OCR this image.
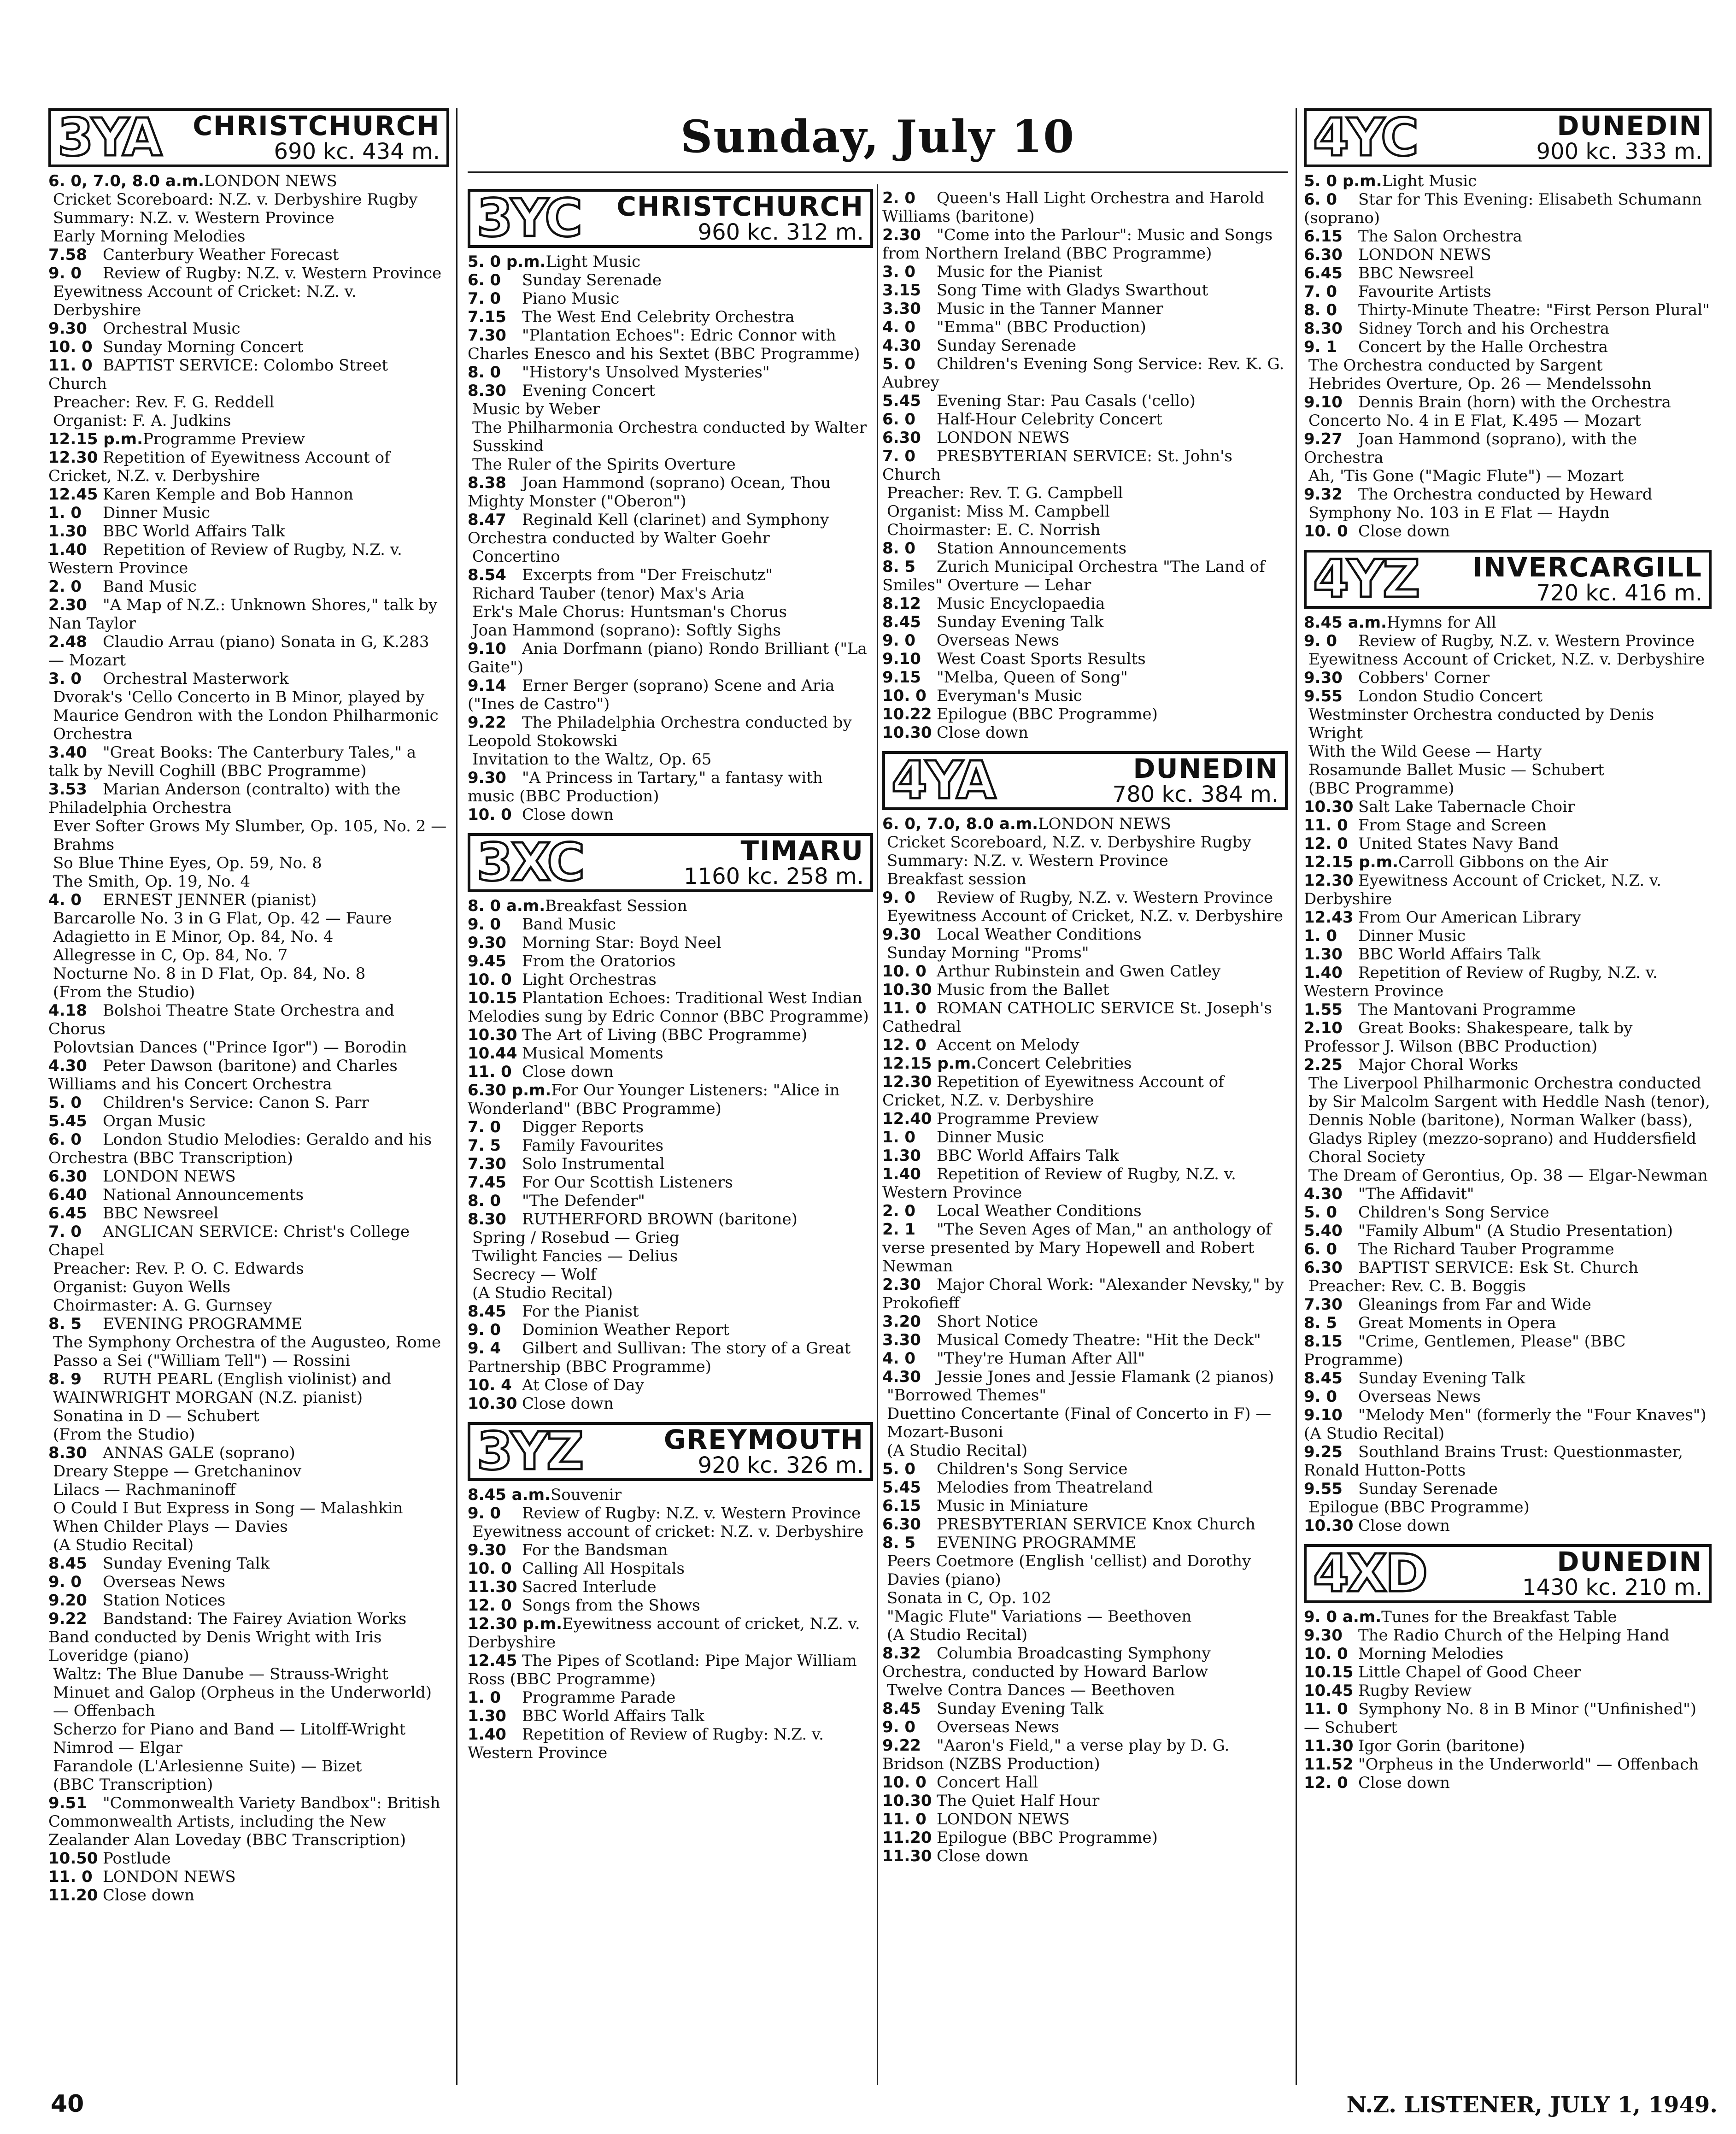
Sunday, July 10
3YA	CHRISTCHURCH
690 kc. 434 m.

6. 0, 7.0, 8.0 a.m.LONDON NEWS

Cricket Scoreboard: N.Z. v. Derbyshire Rugby Summary: N.Z. v. Western Province

Early Morning Melodies

7.58 Canterbury Weather Forecast

9. 0 Review of Rugby: N.Z. v. Western Province

Eyewitness Account of Cricket: N.Z. v. Derbyshire

9.30 Orchestral Music

10. 0 Sunday Morning Concert

11. 0 BAPTIST SERVICE: Colombo Street Church

Preacher: Rev. F. G. Reddell

Organist: F. A. Judkins

12.15 p.m.Programme Preview

12.30 Repetition of Eyewitness Account of Cricket, N.Z. v. Derbyshire

12.45 Karen Kemple and Bob Hannon

1. 0 Dinner Music

1.30 BBC World Affairs Talk

1.40 Repetition of Review of Rugby, N.Z. v. Western Province

2. 0 Band Music

2.30 "A Map of N.Z.: Unknown Shores," talk by Nan Taylor

2.48 Claudio Arrau (piano) Sonata in G, K.283 — Mozart

3. 0 Orchestral Masterwork

Dvorak's 'Cello Concerto in B Minor, played by Maurice Gendron with the London Philharmonic Orchestra

3.40 "Great Books: The Canterbury Tales," a talk by Nevill Coghill (BBC Programme)

3.53 Marian Anderson (contralto) with the Philadelphia Orchestra

Ever Softer Grows My Slumber, Op. 105, No. 2 — Brahms

So Blue Thine Eyes, Op. 59, No. 8

The Smith, Op. 19, No. 4

4. 0 ERNEST JENNER (pianist)

Barcarolle No. 3 in G Flat, Op. 42 — Faure

Adagietto in E Minor, Op. 84, No. 4

Allegresse in C, Op. 84, No. 7

Nocturne No. 8 in D Flat, Op. 84, No. 8

(From the Studio)

4.18 Bolshoi Theatre State Orchestra and Chorus

Polovtsian Dances ("Prince Igor") — Borodin

4.30 Peter Dawson (baritone) and Charles Williams and his Concert Orchestra

5. 0 Children's Service: Canon S. Parr

5.45 Organ Music

6. 0 London Studio Melodies: Geraldo and his Orchestra (BBC Transcription)

6.30 LONDON NEWS

6.40 National Announcements

6.45 BBC Newsreel

7. 0 ANGLICAN SERVICE: Christ's College Chapel

Preacher: Rev. P. O. C. Edwards

Organist: Guyon Wells

Choirmaster: A. G. Gurnsey

8. 5 EVENING PROGRAMME

The Symphony Orchestra of the Augusteo, Rome

Passo a Sei ("William Tell") — Rossini

8. 9 RUTH PEARL (English violinist) and

WAINWRIGHT MORGAN (N.Z. pianist)

Sonatina in D — Schubert

(From the Studio)

8.30 ANNAS GALE (soprano)

Dreary Steppe — Gretchaninov

Lilacs — Rachmaninoff

O Could I But Express in Song — Malashkin

When Childer Plays — Davies

(A Studio Recital)

8.45 Sunday Evening Talk

9. 0 Overseas News

9.20 Station Notices

9.22 Bandstand: The Fairey Aviation Works Band conducted by Denis Wright with Iris Loveridge (piano)

Waltz: The Blue Danube — Strauss-Wright

Minuet and Galop (Orpheus in the Underworld) — Offenbach

Scherzo for Piano and Band — Litolff-Wright

Nimrod — Elgar

Farandole (L'Arlesienne Suite) — Bizet

(BBC Transcription)

9.51 "Commonwealth Variety Bandbox": British Commonwealth Artists, including the New Zealander Alan Loveday (BBC Transcription)

10.50 Postlude

11. 0 LONDON NEWS

11.20 Close down

3YC	CHRISTCHURCH
960 kc. 312 m.

5. 0 p.m.Light Music

6. 0 Sunday Serenade

7. 0 Piano Music

7.15 The West End Celebrity Orchestra

7.30 "Plantation Echoes": Edric Connor with Charles Enesco and his Sextet (BBC Programme)

8. 0 "History's Unsolved Mysteries"

8.30 Evening Concert

Music by Weber

The Philharmonia Orchestra conducted by Walter Susskind

The Ruler of the Spirits Overture

8.38 Joan Hammond (soprano) Ocean, Thou Mighty Monster ("Oberon")

8.47 Reginald Kell (clarinet) and Symphony Orchestra conducted by Walter Goehr

Concertino

8.54 Excerpts from "Der Freischutz"

Richard Tauber (tenor) Max's Aria

Erk's Male Chorus: Huntsman's Chorus

Joan Hammond (soprano): Softly Sighs

9.10 Ania Dorfmann (piano) Rondo Brilliant ("La Gaite")

9.14 Erner Berger (soprano) Scene and Aria ("Ines de Castro")

9.22 The Philadelphia Orchestra conducted by Leopold Stokowski

Invitation to the Waltz, Op. 65

9.30 "A Princess in Tartary," a fantasy with music (BBC Production)

10. 0 Close down

3XC	TIMARU
1160 kc. 258 m.

8. 0 a.m.Breakfast Session

9. 0 Band Music

9.30 Morning Star: Boyd Neel

9.45 From the Oratorios

10. 0 Light Orchestras

10.15 Plantation Echoes: Traditional West Indian Melodies sung by Edric Connor (BBC Programme)

10.30 The Art of Living (BBC Programme)

10.44 Musical Moments

11. 0 Close down

6.30 p.m.For Our Younger Listeners: "Alice in Wonderland" (BBC Programme)

7. 0 Digger Reports

7. 5 Family Favourites

7.30 Solo Instrumental

7.45 For Our Scottish Listeners

8. 0 "The Defender"

8.30 RUTHERFORD BROWN (baritone)

Spring / Rosebud — Grieg

Twilight Fancies — Delius

Secrecy — Wolf

(A Studio Recital)

8.45 For the Pianist

9. 0 Dominion Weather Report

9. 4 Gilbert and Sullivan: The story of a Great Partnership (BBC Programme)

10. 4 At Close of Day

10.30 Close down

3YZ	GREYMOUTH
920 kc. 326 m.

8.45 a.m.Souvenir

9. 0 Review of Rugby: N.Z. v. Western Province

Eyewitness account of cricket: N.Z. v. Derbyshire

9.30 For the Bandsman

10. 0 Calling All Hospitals

11.30 Sacred Interlude

12. 0 Songs from the Shows

12.30 p.m.Eyewitness account of cricket, N.Z. v. Derbyshire

12.45 The Pipes of Scotland: Pipe Major William Ross (BBC Programme)

1. 0 Programme Parade

1.30 BBC World Affairs Talk

1.40 Repetition of Review of Rugby: N.Z. v. Western Province

2. 0 Queen's Hall Light Orchestra and Harold Williams (baritone)

2.30 "Come into the Parlour": Music and Songs from Northern Ireland (BBC Programme)

3. 0 Music for the Pianist

3.15 Song Time with Gladys Swarthout

3.30 Music in the Tanner Manner

4. 0 "Emma" (BBC Production)

4.30 Sunday Serenade

5. 0 Children's Evening Song Service: Rev. K. G. Aubrey

5.45 Evening Star: Pau Casals ('cello)

6. 0 Half-Hour Celebrity Concert

6.30 LONDON NEWS

7. 0 PRESBYTERIAN SERVICE: St. John's Church

Preacher: Rev. T. G. Campbell

Organist: Miss M. Campbell

Choirmaster: E. C. Norrish

8. 0 Station Announcements

8. 5 Zurich Municipal Orchestra "The Land of Smiles" Overture — Lehar

8.12 Music Encyclopaedia

8.45 Sunday Evening Talk

9. 0 Overseas News

9.10 West Coast Sports Results

9.15 "Melba, Queen of Song"

10. 0 Everyman's Music

10.22 Epilogue (BBC Programme)

10.30 Close down

4YA	DUNEDIN
780 kc. 384 m.

6. 0, 7.0, 8.0 a.m.LONDON NEWS

Cricket Scoreboard, N.Z. v. Derbyshire Rugby Summary: N.Z. v. Western Province

Breakfast session

9. 0 Review of Rugby, N.Z. v. Western Province

Eyewitness Account of Cricket, N.Z. v. Derbyshire

9.30 Local Weather Conditions

Sunday Morning "Proms"

10. 0 Arthur Rubinstein and Gwen Catley

10.30 Music from the Ballet

11. 0 ROMAN CATHOLIC SERVICE St. Joseph's Cathedral

12. 0 Accent on Melody

12.15 p.m.Concert Celebrities

12.30 Repetition of Eyewitness Account of Cricket, N.Z. v. Derbyshire

12.40 Programme Preview

1. 0 Dinner Music

1.30 BBC World Affairs Talk

1.40 Repetition of Review of Rugby, N.Z. v. Western Province

2. 0 Local Weather Conditions

2. 1 "The Seven Ages of Man," an anthology of verse presented by Mary Hopewell and Robert Newman

2.30 Major Choral Work: "Alexander Nevsky," by Prokofieff

3.20 Short Notice

3.30 Musical Comedy Theatre: "Hit the Deck"

4. 0 "They're Human After All"

4.30 Jessie Jones and Jessie Flamank (2 pianos)

"Borrowed Themes"

Duettino Concertante (Final of Concerto in F) — Mozart-Busoni

(A Studio Recital)

5. 0 Children's Song Service

5.45 Melodies from Theatreland

6.15 Music in Miniature

6.30 PRESBYTERIAN SERVICE Knox Church

8. 5 EVENING PROGRAMME

Peers Coetmore (English 'cellist) and Dorothy Davies (piano)

Sonata in C, Op. 102

"Magic Flute" Variations — Beethoven

(A Studio Recital)

8.32 Columbia Broadcasting Symphony Orchestra, conducted by Howard Barlow

Twelve Contra Dances — Beethoven

8.45 Sunday Evening Talk

9. 0 Overseas News

9.22 "Aaron's Field," a verse play by D. G. Bridson (NZBS Production)

10. 0 Concert Hall

10.30 The Quiet Half Hour

11. 0 LONDON NEWS

11.20 Epilogue (BBC Programme)

11.30 Close down

4YC	DUNEDIN
900 kc. 333 m.

5. 0 p.m.Light Music

6. 0 Star for This Evening: Elisabeth Schumann (soprano)

6.15 The Salon Orchestra

6.30 LONDON NEWS

6.45 BBC Newsreel

7. 0 Favourite Artists

8. 0 Thirty-Minute Theatre: "First Person Plural"

8.30 Sidney Torch and his Orchestra

9. 1 Concert by the Halle Orchestra

The Orchestra conducted by Sargent

Hebrides Overture, Op. 26 — Mendelssohn

9.10 Dennis Brain (horn) with the Orchestra

Concerto No. 4 in E Flat, K.495 — Mozart

9.27 Joan Hammond (soprano), with the Orchestra

Ah, 'Tis Gone ("Magic Flute") — Mozart

9.32 The Orchestra conducted by Heward

Symphony No. 103 in E Flat — Haydn

10. 0 Close down

4YZ	INVERCARGILL
720 kc. 416 m.

8.45 a.m.Hymns for All

9. 0 Review of Rugby, N.Z. v. Western Province

Eyewitness Account of Cricket, N.Z. v. Derbyshire

9.30 Cobbers' Corner

9.55 London Studio Concert

Westminster Orchestra conducted by Denis Wright

With the Wild Geese — Harty

Rosamunde Ballet Music — Schubert

(BBC Programme)

10.30 Salt Lake Tabernacle Choir

11. 0 From Stage and Screen

12. 0 United States Navy Band

12.15 p.m.Carroll Gibbons on the Air

12.30 Eyewitness Account of Cricket, N.Z. v. Derbyshire

12.43 From Our American Library

1. 0 Dinner Music

1.30 BBC World Affairs Talk

1.40 Repetition of Review of Rugby, N.Z. v. Western Province

1.55 The Mantovani Programme

2.10 Great Books: Shakespeare, talk by Professor J. Wilson (BBC Production)

2.25 Major Choral Works

The Liverpool Philharmonic Orchestra conducted by Sir Malcolm Sargent with Heddle Nash (tenor), Dennis Noble (baritone), Norman Walker (bass), Gladys Ripley (mezzo-soprano) and Huddersfield Choral Society

The Dream of Gerontius, Op. 38 — Elgar-Newman

4.30 "The Affidavit"

5. 0 Children's Song Service

5.40 "Family Album" (A Studio Presentation)

6. 0 The Richard Tauber Programme

6.30 BAPTIST SERVICE: Esk St. Church

Preacher: Rev. C. B. Boggis

7.30 Gleanings from Far and Wide

8. 5 Great Moments in Opera

8.15 "Crime, Gentlemen, Please" (BBC Programme)

8.45 Sunday Evening Talk

9. 0 Overseas News

9.10 "Melody Men" (formerly the "Four Knaves") (A Studio Recital)

9.25 Southland Brains Trust: Questionmaster, Ronald Hutton-Potts

9.55 Sunday Serenade

Epilogue (BBC Programme)

10.30 Close down

4XD	DUNEDIN
1430 kc. 210 m.

9. 0 a.m.Tunes for the Breakfast Table

9.30 The Radio Church of the Helping Hand

10. 0 Morning Melodies

10.15 Little Chapel of Good Cheer

10.45 Rugby Review

11. 0 Symphony No. 8 in B Minor ("Unfinished") — Schubert

11.30 Igor Gorin (baritone)

11.52 "Orpheus in the Underworld" — Offenbach

12. 0 Close down

40	N.Z. LISTENER, JULY 1, 1949.
